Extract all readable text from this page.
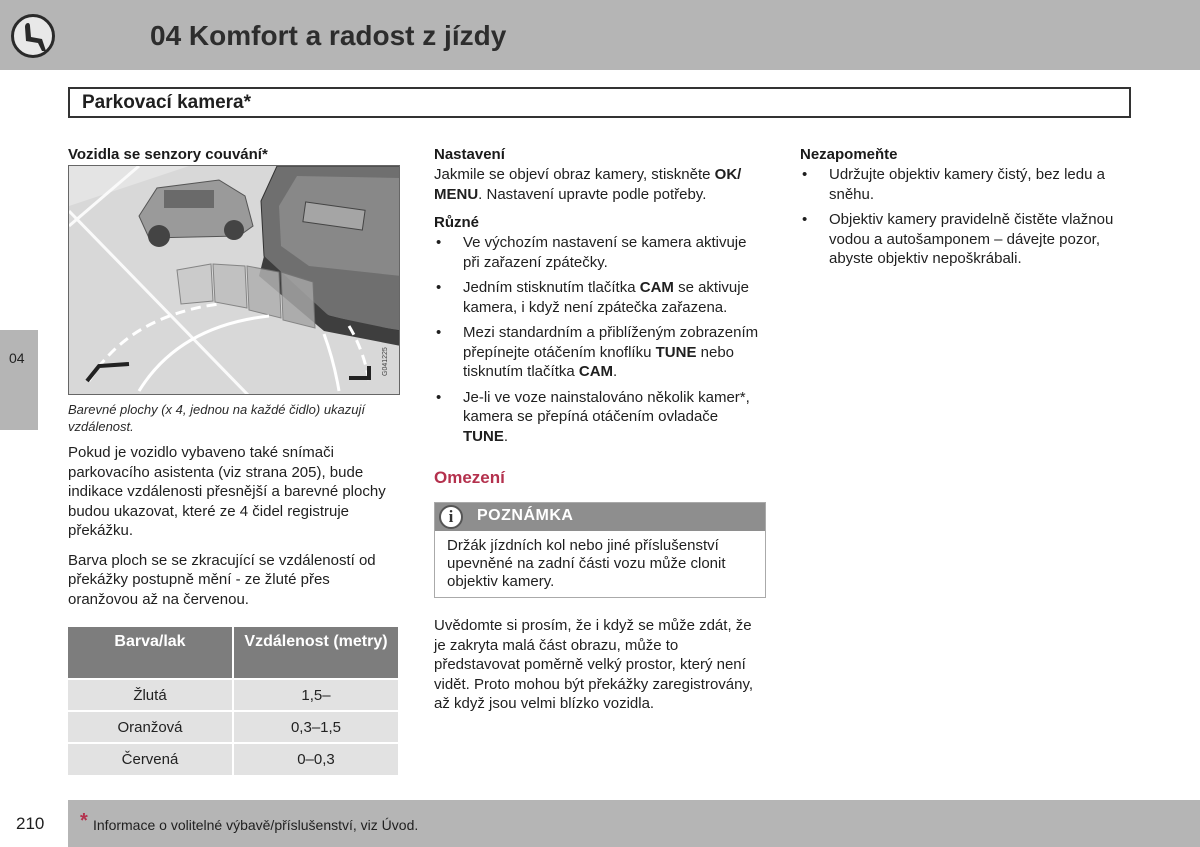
04 Komfort a radost z jízdy
Parkovací kamera*
04
Vozidla se senzory couvání*
G041225

Barevné plochy (x 4, jednou na každé čidlo) ukazují vzdálenost.

Pokud je vozidlo vybaveno také snímači parkovacího asistenta (viz strana 205), bude indikace vzdálenosti přesnější a barevné plochy budou ukazovat, které ze 4 čidel registruje překážku.

Barva ploch se se zkracující se vzdáleností od překážky postupně mění - ze žluté přes oranžovou až na červenou.

Barva/lak	Vzdálenost (metry)
Žlutá	1,5–
Oranžová	0,3–1,5
Červená	0–0,3
Nastavení

Jakmile se objeví obraz kamery, stiskněte OK/ MENU. Nastavení upravte podle potřeby.

Různé
• Ve výchozím nastavení se kamera aktivuje při zařazení zpátečky.
• Jedním stisknutím tlačítka CAM se aktivuje kamera, i když není zpátečka zařazena.
• Mezi standardním a přiblíženým zobrazením přepínejte otáčením knoflíku TUNE nebo tisknutím tlačítka CAM.
• Je-li ve voze nainstalováno několik kamer*, kamera se přepíná otáčením ovladače TUNE.
Omezení
i	POZNÁMKA
Držák jízdních kol nebo jiné příslušenství upevněné na zadní části vozu může clonit objektiv kamery.

Uvědomte si prosím, že i když se může zdát, že je zakryta malá část obrazu, může to představovat poměrně velký prostor, který není vidět. Proto mohou být překážky zaregistrovány, až když jsou velmi blízko vozidla.

Nezapomeňte
• Udržujte objektiv kamery čistý, bez ledu a sněhu.
• Objektiv kamery pravidelně čistěte vlažnou vodou a autošamponem – dávejte pozor, abyste objektiv nepoškrábali.
210 * Informace o volitelné výbavě/příslušenství, viz Úvod.
